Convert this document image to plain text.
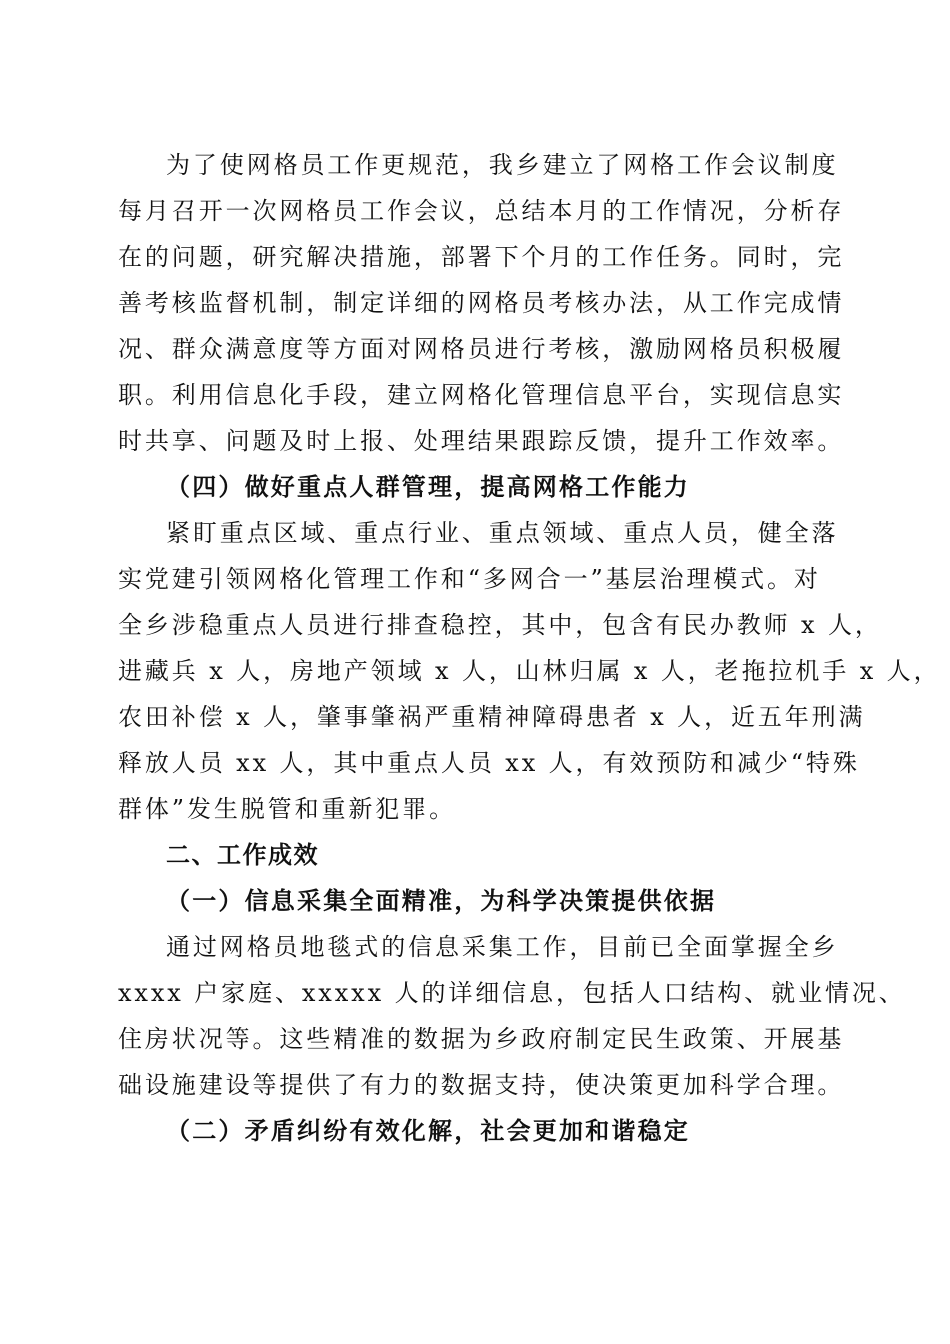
为了使网格员工作更规范，我乡建立了网格工作会议制度
每月召开一次网格员工作会议，总结本月的工作情况，分析存
在的问题，研究解决措施，部署下个月的工作任务。同时，完
善考核监督机制，制定详细的网格员考核办法，从工作完成情
况、群众满意度等方面对网格员进行考核，激励网格员积极履
职。利用信息化手段，建立网格化管理信息平台，实现信息实
时共享、问题及时上报、处理结果跟踪反馈，提升工作效率。
（四）做好重点人群管理，提高网格工作能力
紧盯重点区域、重点行业、重点领域、重点人员，健全落
实党建引领网格化管理工作和“多网合一”基层治理模式。对
全乡涉稳重点人员进行排查稳控，其中，包含有民办教师 x 人，
进藏兵 x 人，房地产领域 x 人，山林归属 x 人，老拖拉机手 x 人，
农田补偿 x 人，肇事肇祸严重精神障碍患者 x 人，近五年刑满
释放人员 xx 人，其中重点人员 xx 人，有效预防和减少“特殊
群体”发生脱管和重新犯罪。
二、工作成效
（一）信息采集全面精准，为科学决策提供依据
通过网格员地毯式的信息采集工作，目前已全面掌握全乡
xxxx 户家庭、xxxxx 人的详细信息，包括人口结构、就业情况、
住房状况等。这些精准的数据为乡政府制定民生政策、开展基
础设施建设等提供了有力的数据支持，使决策更加科学合理。
（二）矛盾纠纷有效化解，社会更加和谐稳定
